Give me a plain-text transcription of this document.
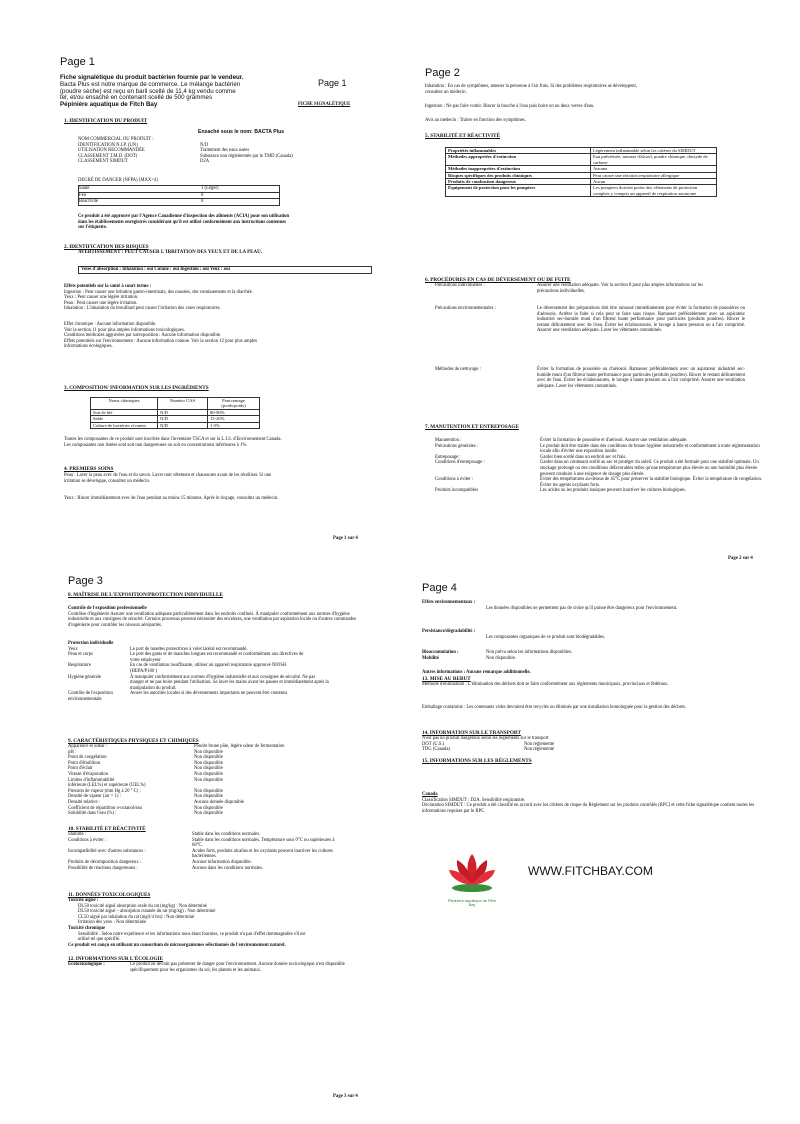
Page 1
Fiche signalétique du produit bactérien fournie par le vendeur.
Bacta Plus est notre marque de commerce. Le mélange bactérien
(poudre sèche) est reçu en baril scellé de 11,4 kg vendu comme
tel, et/ou ensaché en contenant scellé de 500 grammes
Pépinière aquatique de Fitch Bay
Page 1
FICHE SIGNALÉTIQUE
1. IDENTIFICATION DU PRODUIT
Ensaché sous le nom: BACTA Plus
NOM COMMERCIAL OU PRODUIT :
IDENTIFICATION N.I.P. (UN)	N/D
UTILISATION RECOMMANDÉE	Traitement des eaux usées
CLASSEMENT T.M.D. (DOT)	Substance non réglementée par le TMD (Canada)
CLASSEMENT SIMDUT	D2A
DEGRÉ DE DANGER (NFPA) (MAX=4)
Santé	1 (Léger)
Feu	0
Réactivité	0
Ce produit a été approuvé par l'Agence Canadienne d'inspection des aliments (ACIA) pour son utilisation
dans les établissements enregistrés considérant qu'il est utilisé conformément aux instructions contenues
sur l'étiquette.
2. IDENTIFICATION DES RISQUES
AVERTISSEMENT : PEUT CAUSER L'IRRITATION DES YEUX ET DE LA PEAU.
Voies d'absorption : Inhalation : oui Cutané : oui Ingestion : oui Yeux : oui
Effets potentiels sur la santé à court terme :
Ingestion : Peut causer une irritation gastro-intestinale, des nausées, des vomissements et la diarrhée.
Yeux : Peut causer une légère irritation.
Peau : Peut causer une légère irritation.
Inhalation : L'inhalation du brouillard peut causer l'irritation des voies respiratoires.
Effet chronique : Aucune information disponible.
Voir la section 11 pour plus amples informations toxicologiques.
Conditions médicales aggravées par surexposition : Aucune information disponible.
Effets potentiels sur l'environnement : Aucune information connue. Voir la section 12 pour plus amples
informations écologiques.
3. COMPOSITION/ INFORMATION SUR LES INGRÉDIENTS
Noms chimiques	Numéro CAS	Pourcentage (poids/poids)
Son de blé	N/D	80-90%
Sable	N/D	15-20%
Culture de bactéries vivantes	N/D	1-5%
Toutes les composantes de ce produit sont inscrites dans l'inventaire TSCA et sur la L.I.S. d'Environnement Canada.
Les composantes non listées sont soit non dangereuses ou soit en concentrations inférieures à 1%.
4. PREMIERS SOINS
Peau : Laver la peau avec de l'eau et du savon. Laver tout vêtement et chaussures avant de les réutiliser. Si une
irritation se développe, consultez un médecin.
Yeux : Rincer immédiatement avec de l'eau pendant au moins 15 minutes. Après le rinçage, consultez un médecin.
Page 1 sur 4
Page 2
Inhalation : En cas de symptômes, amener la personne à l'air frais. Si des problèmes respiratoires se développent,
consultez un médecin.
Ingestion : Ne pas faire vomir. Rincer la bouche à l'eau puis boire un ou deux verres d'eau.
Avis au médecin : Traiter en fonction des symptômes.
5. STABILITÉ ET RÉACTIVITÉ
Propriétés inflammables	Légèrement inflammable selon les critères du SIMDUT
Méthodes appropriées d'extinction	Eau pulvérisée, mousse d'alcool, poudre chimique, dioxyde de carbone
Méthodes inappropriées d'extinction	Aucune
Risques spécifiques des produits chimiques	Peut causer une réaction respiratoire allergique
Produits de combustion dangereux	Aucun
Équipement de protection pour les pompiers	Les pompiers doivent porter des vêtements de protection complets y compris un appareil de respiration autonome
6. PROCÉDURES EN CAS DE DÉVERSEMENT OU DE FUITE
Précautions individuelles :	Assurer une ventilation adéquate. Voir la section 8 pour plus amples informations sur les précautions individuelles.
Précautions environnementales :	Le déversement des préparations doit être ramassé immédiatement pour éviter la formation de poussières ou d'aérosols. Arrêter la fuite si cela peut se faire sans risque. Ramasser préférablement avec un aspirateur industriel sec-humide muni d'un filtreur haute performance pour particules (produits poudres). Rincer le restant délicatement avec de l'eau. Éviter les éclaboussures, le lavage à haute pression ou à l'air comprimé. Assurer une ventilation adéquate. Laver les vêtements contaminés.
Méthodes de nettoyage :	Éviter la formation de poussière ou d'aérosol. Ramasser préférablement avec un aspirateur industriel sec-humide muni d'un filtreur haute performance pour particules (produits poudres). Rincer le restant délicatement avec de l'eau. Éviter les éclaboussures, le lavage à haute pression ou à l'air comprimé. Assurer une ventilation adéquate. Laver les vêtements contaminés.
7. MANUTENTION ET ENTREPOSAGE
Manutention :	Éviter la formation de poussière et d'aérosol. Assurer une ventilation adéquate.
Précautions générales :	Le produit doit être traitée dans des conditions de bonne hygiène industrielle et conformément à toute réglementation locale afin d'éviter une exposition inutile.
Entreposage :	Garder bien scellé dans un endroit sec et frais.
Conditions d'entreposage :	Garder dans un contenant scellé au sec et protéger du soleil. Ce produit a été formulé pour une stabilité optimale. Un stockage prolongé ou des conditions défavorables telles qu'une température plus élevée ou une humidité plus élevée peuvent conduire à une exigence de dosage plus élevée.
Conditions à éviter :	Éviter des températures au-dessus de 45°C pour préserver la stabilité biologique. Éviter la température de congélation. Éviter les agents oxydants forts.
Produits incompatibles	Les acides ou les produits basiques peuvent inactiver les cultures biologiques.
Page 2 sur 4
Page 3
8. MAÎTRISE DE L'EXPOSITION/PROTECTION INDIVIDUELLE
Contrôle de l'exposition professionnelle
Contrôles d'ingénierie Assurer une ventilation adéquate particulièrement dans les endroits confinés. À manipuler conformément aux normes d'hygiène industrielle et aux consignes de sécurité. Certains processus peuvent nécessiter des enceintes, une ventilation par aspiration locale ou d'autres commandes d'ingénierie pour contrôler les niveaux aéroportés.
Protection individuelle
Yeux	Le port de lunettes protectrices à volet latéral est recommandé.
Peau et corps	Le port des gants et de manches longues est recommandé et conformément aux directives de votre employeur
Respiratoire	En cas de ventilation insuffisante, utiliser un appareil respiratoire approuvé NIOSH (HEPA/P100 )
Hygiène générale	À manipuler conformément aux normes d'hygiène industrielle et aux consignes de sécurité. Ne pas manger et ne pas boire pendant l'utilisation. Se laver les mains avant les pauses et immédiatement après la manipulation du produit.
Contrôle de l'exposition environnementale
Aviser les autorités locales si des déversements importants ne peuvent être contenus
9. CARACTÉRISTIQUES PHYSIQUES ET CHIMIQUES
Apparence et odeur :	Poudre brune pâle, légère odeur de fermentation
pH :	Non disponible
Point de congélation	Non disponible
Point d'ébullition	Non disponible
Point d'éclair	Non disponible
Vitesse d'évaporation	Non disponible
Limites d'inflammabilité	Non disponible
inférieure (LEL%) et supérieure (UEL%)
Pression de vapeur (mm Hg à 20 ° C) :	Non disponible
Densité de vapeur (air = 1) :	Non disponible
Densité relative :	Aucune donnée disponible
Coefficient de répartition n-octanol/eau	Non disponible
Solubilité dans l'eau (%) :	Non disponible
10. STABILITÉ ET RÉACTIVITÉ
Stabilité :	Stable dans les conditions normales.
Conditions à éviter :	Stable dans les conditions normales. Température sous 0°C ou supérieures à 68°C.
Incompatibilité avec d'autres substances :	Acides forts, produits alcalins et les oxydants peuvent inactiver les cultures bactériennes.
Produits de décomposition dangereux :	Aucune information disponible.
Possibilité de réactions dangereuses :	Aucune dans les conditions normales.
11. DONNÉES TOXICOLOGIQUES
Toxicité aiguë :
DL50 toxicité aiguë absorption orale du rat (mg/kg) : Non déterminé
DL50 toxicité aiguë – absorption cutanée du rat (mg/kg) : Non déterminé
CL50 aiguë par inhalation du rat (mg/l/4 hrs) : Non déterminé
Irritation des yeux : Non déterminée
Toxicité chronique
Sensibilité : Selon notre expérience et les informations nous étant fournies, ce produit n'a pas d'effet dommageable s'il est utilisé tel que spécifié.
Ce produit est conçu en utilisant un consortium de microorganismes sélectionnés de l'environnement naturel.
12. INFORMATIONS SUR L'ÉCOLOGIE
Écotoxicologique :	Ce produit ne devrait pas présenter de danger pour l'environnement. Aucune donnée toxicologique n'est disponible spécifiquement pour les organismes du sol, les plantes et les animaux.
Page 3 sur 4
Page 4
Effets environnementaux :
Les données disponibles ne permettent pas de croire qu'il puisse être dangereux pour l'environnement.
Persistance/dégradabilité :
Les composantes organiques de ce produit sont biodégradables.
Bioaccumulation :	Non prévu selon les informations disponibles.
Mobilité	Non disponible.
Autres informations : Aucune remarque additionnelle.
13. MISE AU REBUT
Méthode d'élimination : L'élimination des déchets doit se faire conformément aux règlements municipaux, provinciaux et fédéraux.
Emballage contaminé : Les contenants vides devraient être recyclés ou éliminés par une installation homologuée pour la gestion des déchets.
14. INFORMATION SUR LE TRANSPORT
N'est pas un produit dangereux selon les règlements sur le transport
DOT (U.S.)	Non réglementé
TDG (Canada)	Non réglementé
15. INFORMATIONS SUR LES RÈGLEMENTS
Canada
Classification SIMDUT : D2A. Sensibilité respiratoire.
Déclaration SIMDUT : Ce produit a été classifié en accord avec les critères de risque du Règlement sur les produits contrôlés (RPC) et cette fiche signalétique contient toutes les informations requises par le RPC.
Pépinière aquatique de Fitch Bay
WWW.FITCHBAY.COM
